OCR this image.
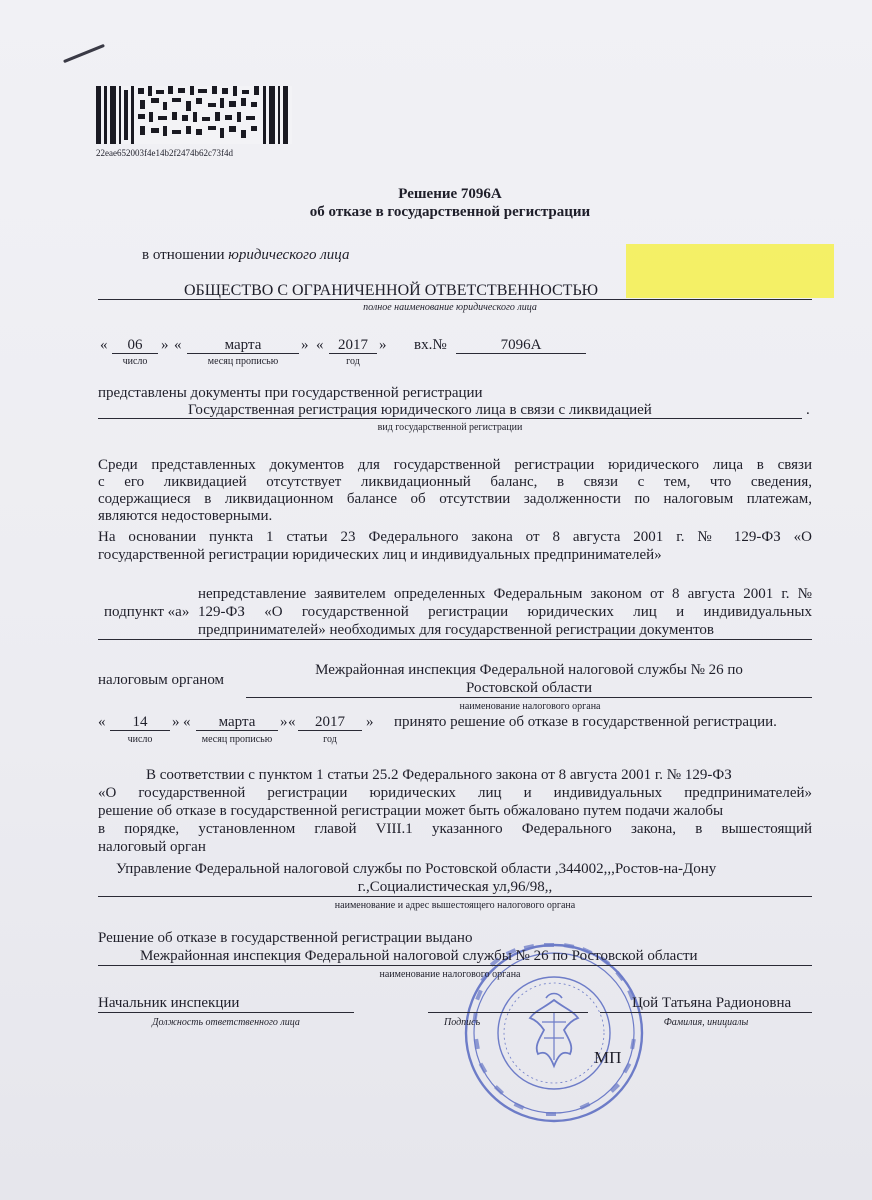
22eae652003f4e14b2f2474b62c73f4d
Решение 7096А
об отказе в государственной регистрации
в отношении юридического лица
ОБЩЕСТВО С ОГРАНИЧЕННОЙ ОТВЕТСТВЕННОСТЬЮ
полное наименование юридического лица
«	06	» «	марта	» « 2017 » вх.№	7096А
число	месяц прописью	год
представлены документы при государственной регистрации
Государственная регистрация юридического лица в связи с ликвидацией	.
вид государственной регистрации
Среди представленных документов для государственной регистрации юридического лица в связи
с его ликвидацией отсутствует ликвидационный баланс, в связи с тем, что сведения,
содержащиеся в ликвидационном балансе об отсутствии задолженности по налоговым платежам,
являются недостоверными.
На основании пункта 1 статьи 23 Федерального закона от 8 августа 2001 г. № 129-ФЗ «О
государственной регистрации юридических лиц и индивидуальных предпринимателей»
непредставление заявителем определенных Федеральным законом от 8 августа 2001 г. №
подпункт «а» 129-ФЗ «О государственной регистрации юридических лиц и индивидуальных
предпринимателей» необходимых для государственной регистрации документов
Межрайонная инспекция Федеральной налоговой службы № 26 по
налоговым органом	Ростовской области
наименование налогового органа
«	14	» «	марта	» «	2017	» принято решение об отказе в государственной регистрации.
число	месяц прописью	год
В соответствии с пунктом 1 статьи 25.2 Федерального закона от 8 августа 2001 г. № 129-ФЗ
«О государственной регистрации юридических лиц и индивидуальных предпринимателей»
решение об отказе в государственной регистрации может быть обжаловано путем подачи жалобы
в порядке, установленном главой VIII.1 указанного Федерального закона, в вышестоящий
налоговый орган
Управление Федеральной налоговой службы по Ростовской области ,344002,,,Ростов-на-Дону
г.,Социалистическая ул,96/98,,
наименование и адрес вышестоящего налогового органа
Решение об отказе в государственной регистрации выдано
Межрайонная инспекция Федеральной налоговой службы № 26 по Ростовской области
наименование налогового органа
Начальник инспекции
Должность ответственного лица	Подпись
Цой Татьяна Радионовна
Фамилия, инициалы
МП
